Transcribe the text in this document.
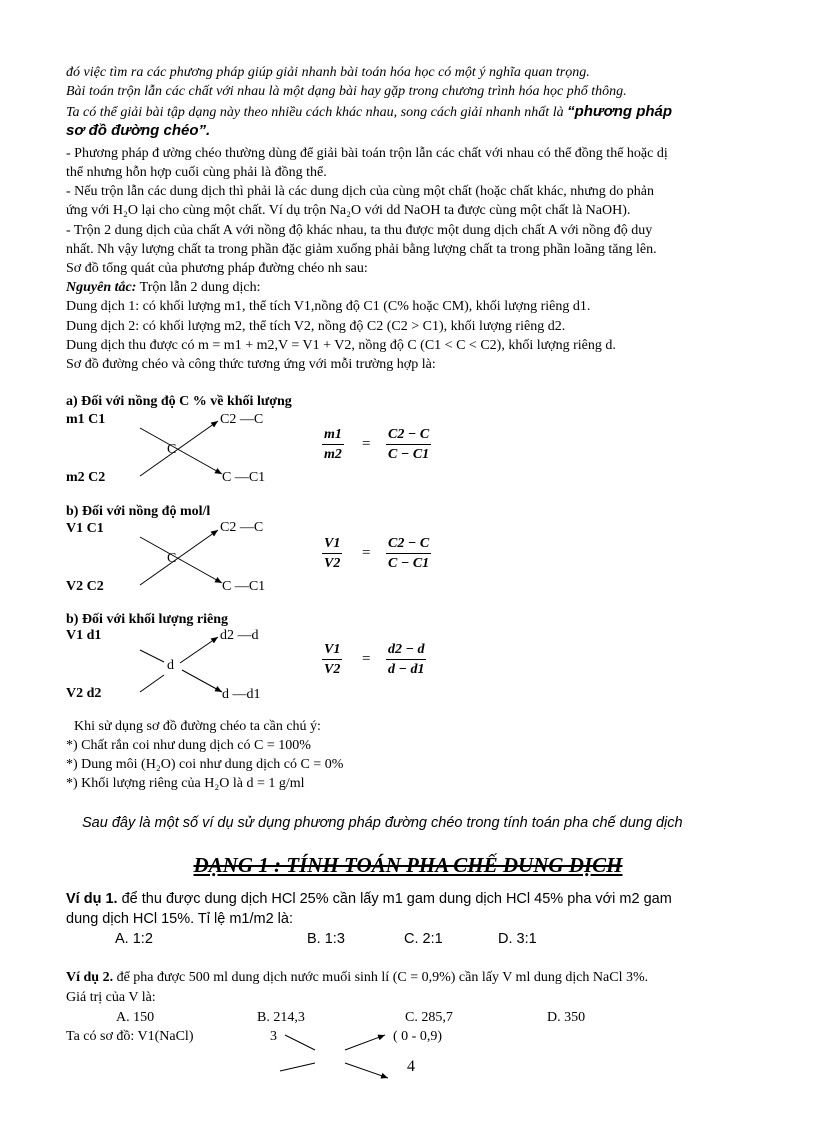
đó việc tìm ra các phương pháp giúp giải nhanh bài toán hóa học có một ý nghĩa quan trọng.
Bài toán trộn lẫn các chất với nhau là một dạng bài hay gặp trong chương trình hóa học phổ thông.
Ta có thể giải bài tập dạng này theo nhiều cách khác nhau, song cách giải nhanh nhất là “phương pháp
sơ đồ đường chéo”.
- Phương pháp đ ường chéo thường dùng để giải bài toán trộn lẫn các chất với nhau có thể đồng thể hoặc dị
thể nhưng hỗn hợp cuối cùng phải là đồng thể.
- Nếu trộn lẫn các dung dịch thì phải là các dung dịch của cùng một chất (hoặc chất khác, nhưng do phản
ứng với H₂O lại cho cùng một chất. Ví dụ trộn Na₂O với dd NaOH ta được cùng một chất là NaOH).
- Trộn 2 dung dịch của chất A với nồng độ khác nhau, ta thu được một dung dịch chất A với nồng độ duy
nhất. Nh vậy lượng chất ta trong phần đặc giảm xuống phải bằng lượng chất ta trong phần loãng tăng lên.
Sơ đồ tổng quát của phương pháp đường chéo nh sau:
Nguyên tắc: Trộn lẫn 2 dung dịch:
Dung dịch 1: có khối lượng m1, thể tích V1,nồng độ C1 (C% hoặc CM), khối lượng riêng d1.
Dung dịch 2: có khối lượng m2, thể tích V2, nồng độ C2 (C2 > C1), khối lượng riêng d2.
Dung dịch thu được có m = m1 + m2,V = V1 + V2, nồng độ C (C1 < C < C2), khối lượng riêng d.
Sơ đồ đường chéo và công thức tương ứng với mỗi trường hợp là:
a) Đối với nồng độ C % về khối lượng
m1 C1
m2 C2
C
C2 —C
C —C1
$\frac{m1}{m2} = \frac{C2 - C}{C - C1}$
b) Đối với nồng độ mol/l
V1 C1
V2 C2
C
C2 —C
C —C1
$\frac{V1}{V2} = \frac{C2 - C}{C - C1}$
b) Đối với khối lượng riêng
V1 d1
V2 d2
d
d2 —d
d —d1
$\frac{V1}{V2} = \frac{d2 - d}{d - d1}$
Khi sử dụng sơ đồ đường chéo ta cần chú ý:
*) Chất rắn coi như dung dịch có C = 100%
*) Dung môi (H₂O) coi như dung dịch có C = 0%
*) Khối lượng riêng của H₂O là d = 1 g/ml
Sau đây là một số ví dụ sử dụng phương pháp đường chéo trong tính toán pha chế dung dịch
DẠNG 1 : TÍNH TOÁN PHA CHẾ DUNG DỊCH
Ví dụ 1. để thu được dung dịch HCl 25% cần lấy m1 gam dung dịch HCl 45% pha với m2 gam
dung dịch HCl 15%. Tỉ lệ m1/m2 là:
A. 1:2	B. 1:3	C. 2:1	D. 3:1
Ví dụ 2. để pha được 500 ml dung dịch nước muối sinh lí (C = 0,9%) cần lấy V ml dung dịch NaCl 3%.
Giá trị của V là:
A. 150	B. 214,3	C. 285,7	D. 350
Ta có sơ đồ: V1(NaCl)	3	( 0 - 0,9)
4
